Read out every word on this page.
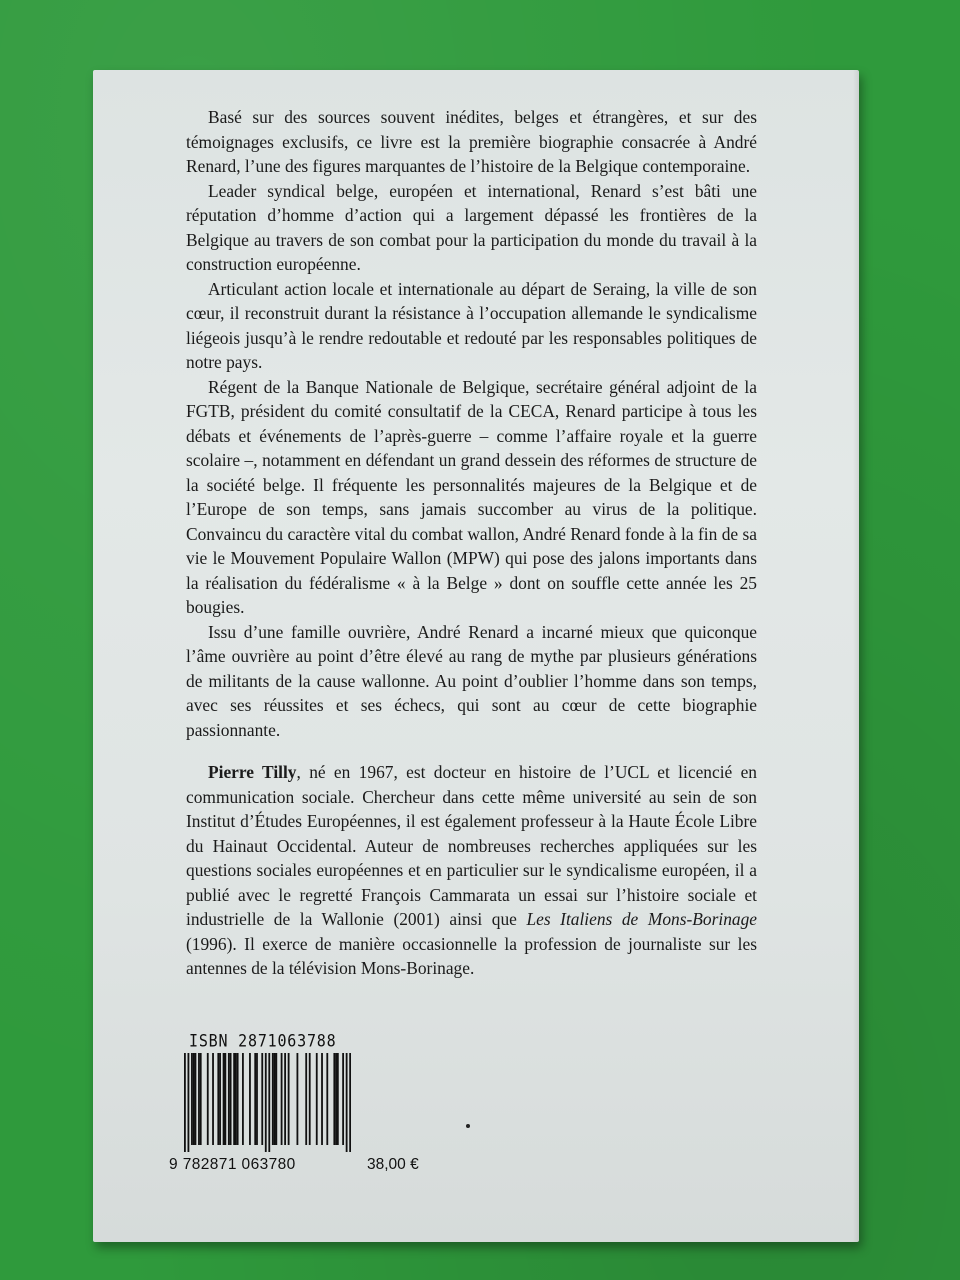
Basé sur des sources souvent inédites, belges et étrangères, et sur des témoignages exclusifs, ce livre est la première biographie consacrée à André Renard, l’une des figures marquantes de l’histoire de la Belgique contemporaine.

Leader syndical belge, européen et international, Renard s’est bâti une réputation d’homme d’action qui a largement dépassé les frontières de la Belgique au travers de son combat pour la participation du monde du travail à la construction européenne.

Articulant action locale et internationale au départ de Seraing, la ville de son cœur, il reconstruit durant la résistance à l’occupation allemande le syndicalisme liégeois jusqu’à le rendre redoutable et redouté par les responsables politiques de notre pays.

Régent de la Banque Nationale de Belgique, secrétaire général adjoint de la FGTB, président du comité consultatif de la CECA, Renard participe à tous les débats et événements de l’après-guerre – comme l’affaire royale et la guerre scolaire –, notamment en défendant un grand dessein des réformes de structure de la société belge. Il fréquente les personnalités majeures de la Belgique et de l’Europe de son temps, sans jamais succomber au virus de la politique. Convaincu du caractère vital du combat wallon, André Renard fonde à la fin de sa vie le Mouvement Populaire Wallon (MPW) qui pose des jalons importants dans la réalisation du fédéralisme « à la Belge » dont on souffle cette année les 25 bougies.

Issu d’une famille ouvrière, André Renard a incarné mieux que quiconque l’âme ouvrière au point d’être élevé au rang de mythe par plusieurs générations de militants de la cause wallonne. Au point d’oublier l’homme dans son temps, avec ses réussites et ses échecs, qui sont au cœur de cette biographie passionnante.

Pierre Tilly, né en 1967, est docteur en histoire de l’UCL et licencié en communication sociale. Chercheur dans cette même université au sein de son Institut d’Études Européennes, il est également professeur à la Haute École Libre du Hainaut Occidental. Auteur de nombreuses recherches appliquées sur les questions sociales européennes et en particulier sur le syndicalisme européen, il a publié avec le regretté François Cammarata un essai sur l’histoire sociale et industrielle de la Wallonie (2001) ainsi que Les Italiens de Mons-Borinage (1996). Il exerce de manière occasionnelle la profession de journaliste sur les antennes de la télévision Mons-Borinage.

ISBN 2871063788
9 782871 063780	38,00 €
